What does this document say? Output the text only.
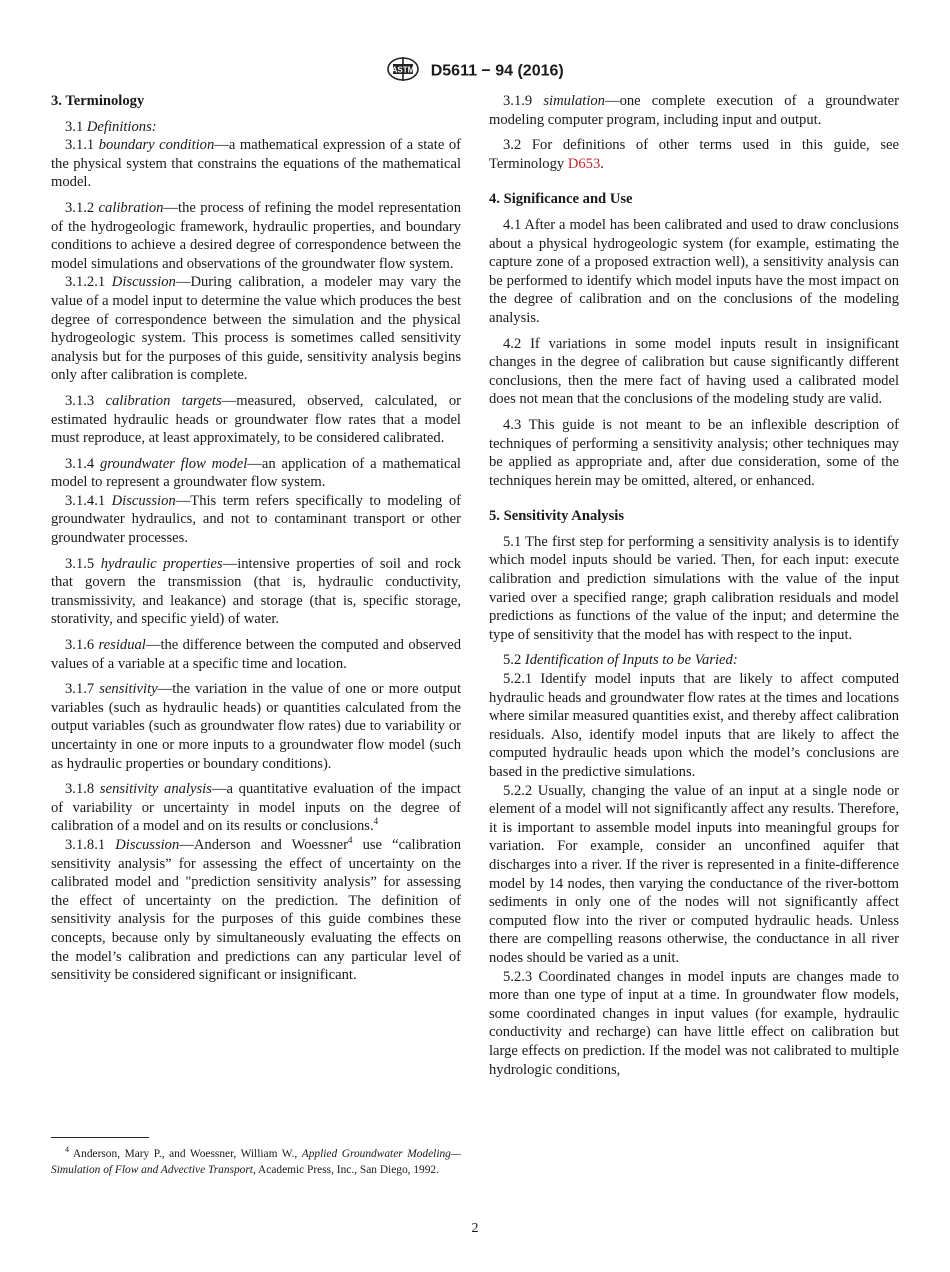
ASTM D5611 − 94 (2016)
3. Terminology

3.1 Definitions:

3.1.1 boundary condition—a mathematical expression of a state of the physical system that constrains the equations of the mathematical model.

3.1.2 calibration—the process of refining the model representation of the hydrogeologic framework, hydraulic properties, and boundary conditions to achieve a desired degree of correspondence between the model simulations and observations of the groundwater flow system.

3.1.2.1 Discussion—During calibration, a modeler may vary the value of a model input to determine the value which produces the best degree of correspondence between the simulation and the physical hydrogeologic system. This process is sometimes called sensitivity analysis but for the purposes of this guide, sensitivity analysis begins only after calibration is complete.

3.1.3 calibration targets—measured, observed, calculated, or estimated hydraulic heads or groundwater flow rates that a model must reproduce, at least approximately, to be considered calibrated.

3.1.4 groundwater flow model—an application of a mathematical model to represent a groundwater flow system.

3.1.4.1 Discussion—This term refers specifically to modeling of groundwater hydraulics, and not to contaminant transport or other groundwater processes.

3.1.5 hydraulic properties—intensive properties of soil and rock that govern the transmission (that is, hydraulic conductivity, transmissivity, and leakance) and storage (that is, specific storage, storativity, and specific yield) of water.

3.1.6 residual—the difference between the computed and observed values of a variable at a specific time and location.

3.1.7 sensitivity—the variation in the value of one or more output variables (such as hydraulic heads) or quantities calculated from the output variables (such as groundwater flow rates) due to variability or uncertainty in one or more inputs to a groundwater flow model (such as hydraulic properties or boundary conditions).

3.1.8 sensitivity analysis—a quantitative evaluation of the impact of variability or uncertainty in model inputs on the degree of calibration of a model and on its results or conclusions.$^4$

3.1.8.1 Discussion—Anderson and Woessner$^4$ use “calibration sensitivity analysis” for assessing the effect of uncertainty on the calibrated model and "prediction sensitivity analysis” for assessing the effect of uncertainty on the prediction. The definition of sensitivity analysis for the purposes of this guide combines these concepts, because only by simultaneously evaluating the effects on the model’s calibration and predictions can any particular level of sensitivity be considered significant or insignificant.

3.1.9 simulation—one complete execution of a groundwater modeling computer program, including input and output.

3.2 For definitions of other terms used in this guide, see Terminology D653.

4. Significance and Use

4.1 After a model has been calibrated and used to draw conclusions about a physical hydrogeologic system (for example, estimating the capture zone of a proposed extraction well), a sensitivity analysis can be performed to identify which model inputs have the most impact on the degree of calibration and on the conclusions of the modeling analysis.

4.2 If variations in some model inputs result in insignificant changes in the degree of calibration but cause significantly different conclusions, then the mere fact of having used a calibrated model does not mean that the conclusions of the modeling study are valid.

4.3 This guide is not meant to be an inflexible description of techniques of performing a sensitivity analysis; other techniques may be applied as appropriate and, after due consideration, some of the techniques herein may be omitted, altered, or enhanced.

5. Sensitivity Analysis

5.1 The first step for performing a sensitivity analysis is to identify which model inputs should be varied. Then, for each input: execute calibration and prediction simulations with the value of the input varied over a specified range; graph calibration residuals and model predictions as functions of the value of the input; and determine the type of sensitivity that the model has with respect to the input.

5.2 Identification of Inputs to be Varied:

5.2.1 Identify model inputs that are likely to affect computed hydraulic heads and groundwater flow rates at the times and locations where similar measured quantities exist, and thereby affect calibration residuals. Also, identify model inputs that are likely to affect the computed hydraulic heads upon which the model’s conclusions are based in the predictive simulations.

5.2.2 Usually, changing the value of an input at a single node or element of a model will not significantly affect any results. Therefore, it is important to assemble model inputs into meaningful groups for variation. For example, consider an unconfined aquifer that discharges into a river. If the river is represented in a finite-difference model by 14 nodes, then varying the conductance of the river-bottom sediments in only one of the nodes will not significantly affect computed flow into the river or computed hydraulic heads. Unless there are compelling reasons otherwise, the conductance in all river nodes should be varied as a unit.

5.2.3 Coordinated changes in model inputs are changes made to more than one type of input at a time. In groundwater flow models, some coordinated changes in input values (for example, hydraulic conductivity and recharge) can have little effect on calibration but large effects on prediction. If the model was not calibrated to multiple hydrologic conditions,

$^4$ Anderson, Mary P., and Woessner, William W., Applied Groundwater Modeling—Simulation of Flow and Advective Transport, Academic Press, Inc., San Diego, 1992.
2
